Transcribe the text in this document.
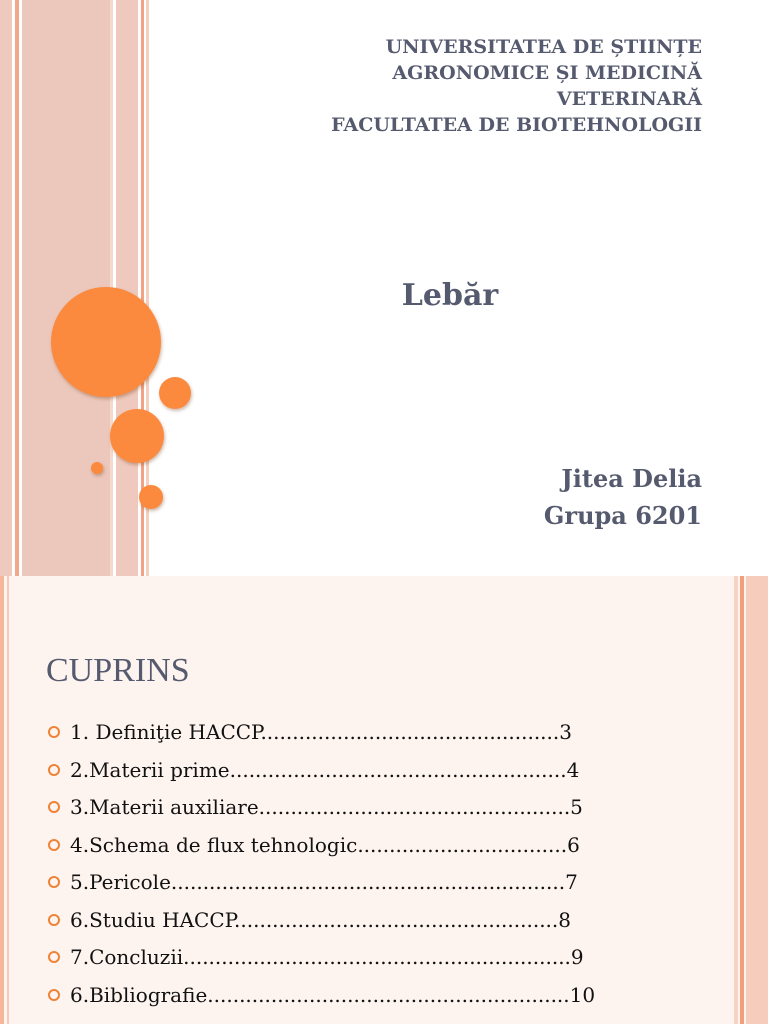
UNIVERSITATEA DE ȘTIINȚE
AGRONOMICE ȘI MEDICINĂ
VETERINARĂ
FACULTATEA DE BIOTEHNOLOGII
Lebăr
Jitea Delia
Grupa 6201
CUPRINS
1. Definiţie HACCP...............................................3
2.Materii prime.....................................................4
3.Materii auxiliare.................................................5
4.Schema de flux tehnologic.................................6
5.Pericole..............................................................7
6.Studiu HACCP...................................................8
7.Concluzii.............................................................9
6.Bibliografie.........................................................10
